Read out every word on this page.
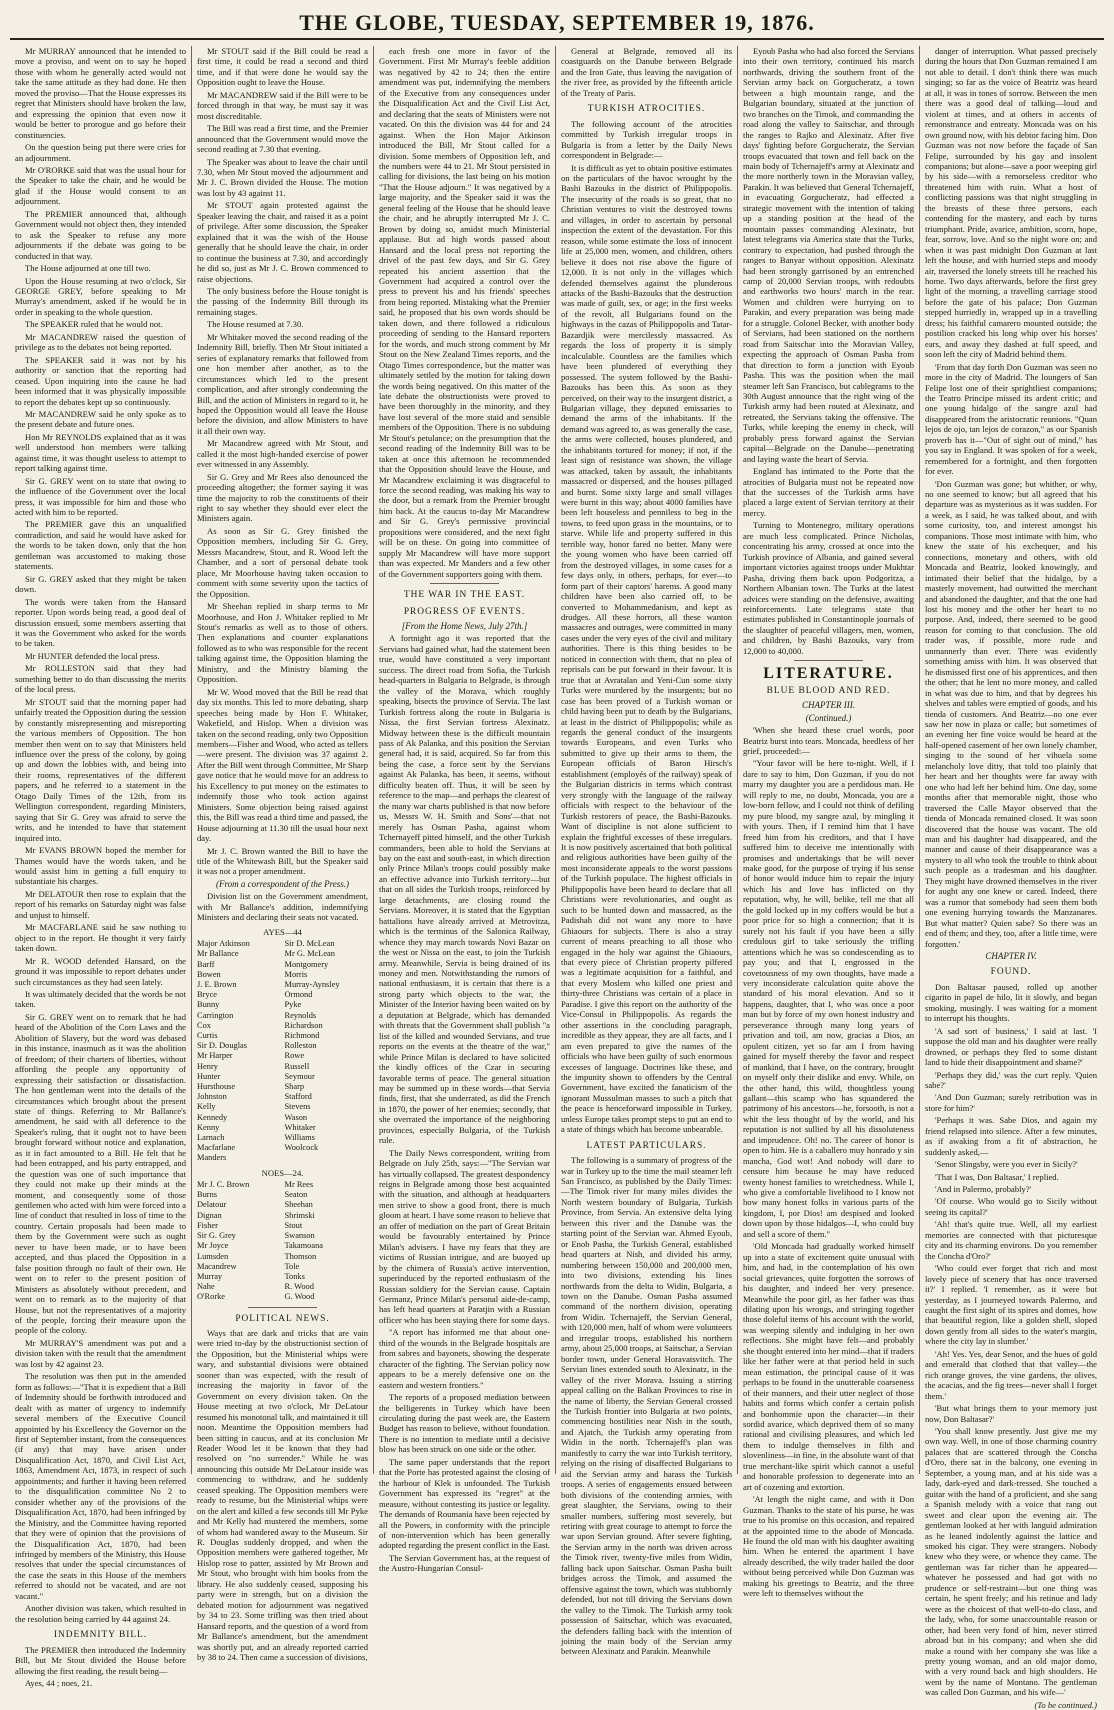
THE GLOBE, TUESDAY, SEPTEMBER 19, 1876.

Mr MURRAY announced that he intended to move a proviso, and went on to say he hoped those with whom he generally acted would not take the same attitude as they had done. He then moved the proviso—That the House expresses its regret that Ministers should have broken the law, and expressing the opinion that even now it would be better to prorogue and go before their constituencies.

On the question being put there were cries for an adjournment.

Mr O'RORKE said that was the usual hour for the Speaker to take the chair, and he would be glad if the House would consent to an adjournment.

The PREMIER announced that, although Government would not object then, they intended to ask the Speaker to refuse any more adjournments if the debate was going to be conducted in that way.

The House adjourned at one till two.

Upon the House resuming at two o'clock, Sir GEORGE GREY, before speaking to Mr Murray's amendment, asked if he would be in order in speaking to the whole question.

The SPEAKER ruled that he would not.

Mr MACANDREW raised the question of privilege as to the debates not being reported.

The SPEAKER said it was not by his authority or sanction that the reporting had ceased. Upon inquiring into the cause he had been informed that it was physically impossible to report the debates kept up so continuously.

Mr MACANDREW said he only spoke as to the present debate and future ones.

Hon Mr REYNOLDS explained that as it was well understood hon members were talking against time, it was thought useless to attempt to report talking against time.

Sir G. GREY went on to state that owing to the influence of the Government over the local press, it was impossible for him and those who acted with him to be reported.

The PREMIER gave this an unqualified contradiction, and said he would have asked for the words to be taken down, only that the hon gentleman was accustomed to making those statements.

Sir G. GREY asked that they might be taken down.

The words were taken from the Hansard reporter. Upon words being read, a good deal of discussion ensued, some members asserting that it was the Government who asked for the words to be taken.

Mr HUNTER defended the local press.

Mr ROLLESTON said that they had something better to do than discussing the merits of the local press.

Mr STOUT said that the morning paper had unfairly treated the Opposition during the session by constantly misrepresenting and misreporting the various members of Opposition. The hon member then went on to say that Ministers held influence over the press of the colony, by going up and down the lobbies with, and being into their rooms, representatives of the different papers, and he referred to a statement in the Otago Daily Times of the 12th, from its Wellington correspondent, regarding Ministers, saying that Sir G. Grey was afraid to serve the writs, and he intended to have that statement inquired into.

Mr EVANS BROWN hoped the member for Thames would have the words taken, and he would assist him in getting a full enquiry to substantiate his charges.

Mr DELATOUR then rose to explain that the report of his remarks on Saturday night was false and unjust to himself.

Mr MACFARLANE said he saw nothing to object to in the report. He thought it very fairly taken down.

Mr R. WOOD defended Hansard, on the ground it was impossible to report debates under such circumstances as they had seen lately.

It was ultimately decided that the words be not taken.

Sir G. GREY went on to remark that he had heard of the Abolition of the Corn Laws and the Abolition of Slavery, but the word was debased in this instance, inasmuch as it was the abolition of freedom; of their charters of liberties, without affording the people any opportunity of expressing their satisfaction or dissatisfaction. The hon gentleman went into the details of the circumstances which brought about the present state of things. Referring to Mr Ballance's amendment, he said with all deference to the Speaker's ruling, that it ought not to have been brought forward without notice and explanation, as it in fact amounted to a Bill. He felt that he had been entrapped, and his party entrapped, and the question was one of such importance that they could not make up their minds at the moment, and consequently some of those gentlemen who acted with him were forced into a line of conduct that resulted in loss of time to the country. Certain proposals had been made to them by the Government were such as ought never to have been made, or to have been accepted, and thus placed the Opposition in a false position through no fault of their own. He went on to refer to the present position of Ministers as absolutely without precedent, and went on to remark as to the majority of that House, but not the representatives of a majority of the people, forcing their measure upon the people of the colony.

Mr MURRAY'S amendment was put and a division taken with the result that the amendment was lost by 42 against 23.

The resolution was then put in the amended form as follows:—"That it is expedient that a Bill of Indemnity should be forthwith introduced and dealt with as matter of urgency to indemnify several members of the Executive Council appointed by his Excellency the Governor on the first of September instant, from the consequences (if any) that may have arisen under Disqualification Act, 1870, and Civil List Act, 1863, Amendment Act, 1873, in respect of such appointments; and further it having been referred to the disqualification committee No 2 to consider whether any of the provisions of the Disqualification Act, 1870, had been infringed by the Ministry, and the Committee having reported that they were of opinion that the provisions of the Disqualification Act, 1870, had been infringed by members of the Ministry, this House resolves that under the special circumstances of the case the seats in this House of the members referred to should not be vacated, and are not vacant."

Another division was taken, which resulted in the resolution being carried by 44 against 24.

INDEMNITY BILL.

The PREMIER then introduced the Indemnity Bill, but Mr Stout divided the House before allowing the first reading, the result being—

Ayes, 44 ; noes, 21.

Mr STOUT said if the Bill could be read a first time, it could be read a second and third time, and if that were done he would say the Opposition ought to leave the House.

Mr MACANDREW said if the Bill were to be forced through in that way, he must say it was most discreditable.

The Bill was read a first time, and the Premier announced that the Government would move the second reading at 7.30 that evening.

The Speaker was about to leave the chair until 7.30, when Mr Stout moved the adjournment and Mr J. C. Brown divided the House. The motion was lost by 43 against 11.

Mr STOUT again protested against the Speaker leaving the chair, and raised it as a point of privilege. After some discussion, the Speaker explained that it was the wish of the House generally that he should leave the chair, in order to continue the business at 7.30, and accordingly he did so, just as Mr J. C. Brown commenced to raise objections.

The only business before the House tonight is the passing of the Indemnity Bill through its remaining stages.

The House resumed at 7.30.

Mr Whitaker moved the second reading of the Indemnity Bill, briefly. Then Mr Stout initiated a series of explanatory remarks that followed from one hon member after another, as to the circumstances which led to the present complication, and after strongly condemning the Bill, and the action of Ministers in regard to it, he hoped the Opposition would all leave the House before the division, and allow Ministers to have it all their own way.

Mr Macandrew agreed with Mr Stout, and called it the most high-handed exercise of power ever witnessed in any Assembly.

Sir G. Grey and Mr Rees also denounced the proceeding altogether; the former saying it was time the majority to rob the constituents of their right to say whether they should ever elect the Ministers again.

As soon as Sir G. Grey finished the Opposition members, including Sir G. Grey, Messrs Macandrew, Stout, and R. Wood left the Chamber, and a sort of personal debate took place, Mr Moorhouse having taken occasion to comment with some severity upon the tactics of the Opposition.

Mr Sheehan replied in sharp terms to Mr Moorhouse, and Hon J. Whitaker replied to Mr Stout's remarks as well as to those of others. Then explanations and counter explanations followed as to who was responsible for the recent talking against time, the Opposition blaming the Ministry, and the Ministry blaming the Opposition.

Mr W. Wood moved that the Bill be read that day six months. This led to more debating, sharp speeches being made by Hon F. Whitaker, Wakefield, and Hislop. When a division was taken on the second reading, only two Opposition members—Fisher and Wood, who acted as tellers—were present. The division was 37 against 2. After the Bill went through Committee, Mr Sharp gave notice that he would move for an address to his Excellency to put money on the estimates to indemnify those who took action against Ministers. Some objection being raised against this, the Bill was read a third time and passed, the House adjourning at 11.30 till the usual hour next day.

Mr J. C. Brown wanted the Bill to have the title of the Whitewash Bill, but the Speaker said it was not a proper amendment.

(From a correspondent of the Press.)

Division list on the Government amendment, with Mr Ballance's addition, indemnifying Ministers and declaring their seats not vacated.

AYES—44
Major Atkinson	Sir D. McLean
Mr Ballance	Mr G. McLean
Barff	Montgomery
Bowen	Morris
J. E. Brown	Murray-Aynsley
Bryce	Ormond
Bunny	Pyke
Carrington	Reynolds
Cox	Richardson
Curtis	Richmond
Sir D. Douglas	Rolleston
Mr Harper	Rowe
Henry	Russell
Hunter	Seymour
Hursthouse	Sharp
Johnston	Stafford
Kelly	Stevens
Kennedy	Wason
Kenny	Whitaker
Larnach	Williams
Macfarlane	Woolcock
Manders
NOES—24.
Mr J. C. Brown	Mr Rees
Burns	Seaton
Delatour	Sheehan
Dignan	Shrimski
Fisher	Stout
Sir G. Grey	Swanson
Mr Joyce	Takamoana
Lumsden	Thomson
Macandrew	Tole
Murray	Tonks
Nahe	R. Wood
O'Rorke	G. Wood
POLITICAL NEWS.

Ways that are dark and tricks that are vain were tried to-day by the obstructionist section of the Opposition, but the Ministerial whips were wary, and substantial divisions were obtained sooner than was expected, with the result of increasing the majority in favor of the Government on every division taken. On the House meeting at two o'clock, Mr DeLatour resumed his monotonal talk, and maintained it till noon. Meantime the Opposition members had been sitting in caucus, and at its conclusion Mr Reader Wood let it be known that they had resolved on "no surrender." While he was announcing this outside Mr DeLatour inside was commencing to withdraw, and he suddenly ceased speaking. The Opposition members were ready to resume, but the Ministerial whips were on the alert and killed a few seconds till Mr Pyke and Mr Kelly had mustered the members, some of whom had wandered away to the Museum. Sir R. Douglas suddenly dropped, and when the Opposition members were gathered together, Mr Hislop rose to patter, assisted by Mr Brown and Mr Stout, who brought with him books from the library. He also suddenly ceased, supposing his party were in strength, but on a division the debated motion for adjournment was negatived by 34 to 23. Some trifling was then tried about Hansard reports, and the question of a word from Mr Ballance's amendment, but the amendment was shortly put, and an already reported carried by 38 to 24. Then came a succession of divisions,

each fresh one more in favor of the Government. First Mr Murray's feeble addition was negatived by 42 to 24; then the entire amendment was put, indemnifying the members of the Executive from any consequences under the Disqualification Act and the Civil List Act, and declaring that the seats of Ministers were not vacated. On this the division was 44 for and 24 against. When the Hon Major Atkinson introduced the Bill, Mr Stout called for a division. Some members of Opposition left, and the numbers were 44 to 21. Mr Stout persisted in calling for divisions, the last being on his motion "That the House adjourn." It was negatived by a large majority, and the Speaker said it was the general feeling of the House that he should leave the chair, and he abruptly interrupted Mr J. C. Brown by doing so, amidst much Ministerial applause. But ad high words passed about Hansard and the local press not reporting the drivel of the past few days, and Sir G. Grey repeated his ancient assertion that the Government had acquired a control over the press to prevent his and his friends' speeches from being reported. Mistaking what the Premier said, he proposed that his own words should be taken down, and there followed a ridiculous proceeding of sending to the Hansard reporters for the words, and much strong comment by Mr Stout on the New Zealand Times reports, and the Otago Times correspondence, but the matter was ultimately settled by the motion for taking down the words being negatived. On this matter of the late debate the obstructionists were proved to have been thoroughly in the minority, and they have lost several of the more staid and sensible members of the Opposition. There is no subduing Mr Stout's petulance; on the presumption that the second reading of the Indemnity Bill was to be taken at once this afternoon he recommended that the Opposition should leave the House, and Mr Macandrew exclaiming it was disgraceful to force the second reading, was making his way to the door, but a remark from the Premier brought him back. At the caucus to-day Mr Macandrew and Sir G. Grey's permissive provincial propositions were considered, and the next fight will be on these. On going into committee of supply Mr Macandrew will have more support than was expected. Mr Manders and a few other of the Government supporters going with them.

THE WAR IN THE EAST.
PROGRESS OF EVENTS.
[From the Home News, July 27th.]

A fortnight ago it was reported that the Servians had gained what, had the statement been true, would have constituted a very important success. The direct road from Sofia, the Turkish head-quarters in Bulgaria to Belgrade, is through the valley of the Morava, which roughly speaking, bisects the province of Servia. The last Turkish fortress along the route in Bulgaria is Nissa, the first Servian fortress Alexinatz. Midway between these is the difficult mountain pass of Ak Palanka, and this position the Servian general had, it is said, acquired. So far from this being the case, a force sent by the Servians against Ak Palanka, has been, it seems, without difficulty beaten off. Thus, it will be seen by reference to the map—and perhaps the clearest of the many war charts published is that now before us, Messrs W. H. Smith and Sons'—that not merely has Osman Pasha, against whom Tchernayeff pitted himself, and the other Turkish commanders, been able to hold the Servians at bay on the east and south-east, in which direction only Prince Milan's troops could possibly make an effective advance into Turkish territory—but that on all sides the Turkish troops, reinforced by large detachments, are closing round the Servians. Moreover, it is stated that the Egyptian battalions have already arrived at Metrovitza, which is the terminus of the Salonica Railway, whence they may march towards Novi Bazar on the west or Nissa on the east, to join the Turkish army. Meanwhile, Servia is being drained of its money and men. Notwithstanding the rumors of national enthusiasm, it is certain that there is a strong party which objects to the war, the Minister of the Interior having been waited on by a deputation at Belgrade, which has demanded with threats that the Government shall publish "a list of the killed and wounded Servians, and true reports on the events at the theatre of the war," while Prince Milan is declared to have solicited the kindly offices of the Czar in securing favorable terms of peace. The general situation may be summed up in these words—that Servia finds, first, that she underrated, as did the French in 1870, the power of her enemies; secondly, that she overrated the importance of the neighboring provinces, especially Bulgaria, of the Turkish rule.

The Daily News correspondent, writing from Belgrade on July 25th, says:—"The Servian war has virtually collapsed. The greatest despondency reigns in Belgrade among those best acquainted with the situation, and although at headquarters men strive to show a good front, there is much gloom at heart. I have some reason to believe that an offer of mediation on the part of Great Britain would be favourably entertained by Prince Milan's advisers. I have my fears that they are victims of Russian intrigue, and are buoyed up by the chimera of Russia's active intervention, superinduced by the reported enthusiasm of the Russian soldiery for the Servian cause. Captain Germanz, Prince Milan's personal aide-de-camp, has left head quarters at Paratjin with a Russian officer who has been staying there for some days.

"A report has informed me that about one-third of the wounds in the Belgrade hospitals are from sabres and bayonets, showing the desperate character of the fighting. The Servian policy now appears to be a merely defensive one on the eastern and western frontiers."

The reports of a proposed mediation between the belligerents in Turkey which have been circulating during the past week are, the Eastern Budget has reason to believe, without foundation. There is no intention to mediate until a decisive blow has been struck on one side or the other.

The same paper understands that the report that the Porte has protested against the closing of the harbour of Klek is unfounded. The Turkish Government has expressed its "regret" at the measure, without contesting its justice or legality. The demands of Roumania have been rejected by all the Powers, in conformity with the principle of non-intervention which has been generally adopted regarding the present conflict in the East.

The Servian Government has, at the request of the Austro-Hungarian Consul-

General at Belgrade, removed all its coastguards on the Danube between Belgrade and the Iron Gate, thus leaving the navigation of the river free, as provided by the fifteenth article of the Treaty of Paris.

TURKISH ATROCITIES.

The following account of the atrocities committed by Turkish irregular troops in Bulgaria is from a letter by the Daily News correspondent in Belgrade:—

It is difficult as yet to obtain positive estimates on the particulars of the havoc wrought by the Bashi Bazouks in the district of Philippopolis. The insecurity of the roads is so great, that no Christian ventures to visit the destroyed towns and villages, in order to ascertain by personal inspection the extent of the devastation. For this reason, while some estimate the loss of innocent life at 25,000 men, women, and children, others believe it does not rise above the figure of 12,000. It is not only in the villages which defended themselves against the plunderous attacks of the Bashi-Bazouks that the destruction was made of guilt, sex, or age; in the first weeks of the revolt, all Bulgarians found on the highways in the cazas of Philippopolis and Tatar-Bazardjik were mercilessly massacred. As regards the loss of property it is simply incalculable. Countless are the families which have been plundered of everything they possessed. The system followed by the Bashi-Bazouks has been this. As soon as they perceived, on their way to the insurgent district, a Bulgarian village, they deputed emissaries to demand the arms of the inhabitants. If the demand was agreed to, as was generally the case, the arms were collected, houses plundered, and the inhabitants tortured for money; if not, if the least sign of resistance was shown, the village was attacked, taken by assault, the inhabitants massacred or dispersed, and the houses pillaged and burnt. Some sixty large and small villages were burnt in this way; about 4000 families have been left houseless and penniless to beg in the towns, to feed upon grass in the mountains, or to starve. While life and property suffered in this terrible way, honor fared no better. Many were the young women who have been carried off from the destroyed villages, in some cases for a few days only, in others, perhaps, for ever—to form part of their captors' harems. A good many children have been also carried off, to be converted to Mohammedanism, and kept as drudges. All these horrors, all these wanton massacres and outrages, were committed in many cases under the very eyes of the civil and military authorities. There is this thing besides to be noticed in connection with them, that no plea of reprisals can be put forward in their favour. It is true that at Avratalan and Yeni-Cun some sixty Turks were murdered by the insurgents; but no case has been proved of a Turkish woman or child having been put to death by the Bulgarians, at least in the district of Philippopolis; while as regards the general conduct of the insurgents towards Europeans, and even Turks who submitted to give up their arms to them, the European officials of Baron Hirsch's establishment (employés of the railway) speak of the Bulgarian districts in terms which contrast very strongly with the language of the railway officials with respect to the behaviour of the Turkish restorers of peace, the Bashi-Bazouks. Want of discipline is not alone sufficient to explain the frightful excesses of these irregulars. It is now positively ascertained that both political and religious authorities have been guilty of the most inconsiderate appeals to the worst passions of the Turkish populace. The highest officials in Philippopolis have been heard to declare that all Christians were revolutionaries, and ought as such to be hunted down and massacred, as the Padishah did not want any more to have Ghiaours for subjects. There is also a stray current of means preaching to all those who engaged in the holy war against the Ghiaours, that every piece of Christian property pilfered was a legitimate acquisition for a faithful, and that every Moslem who killed one priest and thirty-three Christians was certain of a place in Paradise. I give this report on the authority of the Vice-Consul in Philippopolis. As regards the other assertions in the concluding paragraph, incredible as they appear, they are all facts, and I am even prepared to give the names of the officials who have been guilty of such enormous excesses of language. Doctrines like these, and the impunity shown to offenders by the Central Government, have excited the fanaticism of the ignorant Mussulman masses to such a pitch that the peace is henceforward impossible in Turkey, unless Europe takes prompt steps to put an end to a state of things which has become unbearable.

LATEST PARTICULARS.

The following is a summary of progress of the war in Turkey up to the time the mail steamer left San Francisco, as published by the Daily Times:—The Timok river for many miles divides the North western boundary of Bulgaria, Turkish Province, from Servia. An extensive delta lying between this river and the Danube was the starting point of the Servian war. Ahmed Eyoub, or Enob Pasha, the Turkish General, established head quarters at Nish, and divided his army, numbering between 150,000 and 200,000 men, into two divisions, extending his lines northwards from the delta to Widin, Bulgaria, a town on the Danube. Osman Pasha assumed command of the northern division, operating from Widin. Tchernajeff, the Servian General, with 120,000 men, half of whom were volunteers and irregular troops, established his northern army, about 25,000 troops, at Saitschar, a Servian border town, under General Horavatsvitch. The Servian lines extended south to Alexinatz, in the valley of the river Morava. Issuing a stirring appeal calling on the Balkan Provinces to rise in the name of liberty, the Servian General crossed the Turkish frontier into Bulgaria at two points, commencing hostilities near Nish in the south, and Ajatch, the Turkish army operating from Widin in the north. Tchernajeff's plan was manifestly to carry the war into Turkish territory, relying on the rising of disaffected Bulgarians to aid the Servian army and harass the Turkish troops. A series of engagements ensued between both divisions of the contending armies, with great slaughter, the Servians, owing to their smaller numbers, suffering most severely, but retiring with great courage to attempt to force the war upon Servian ground. After severe fighting, the Servian army in the north was driven across the Timok river, twenty-five miles from Widin, falling back upon Saitschar. Osman Pasha built bridges across the Timok, and assumed the offensive against the town, which was stubbornly defended, but not till driving the Servians down the valley to the Timok. The Turkish army took possession of Saitschar, which was evacuated, the defenders falling back with the intention of joining the main body of the Servian army between Alexinatz and Parakin. Meanwhile

Eyoub Pasha who had also forced the Servians into their own territory, continued his march northwards, driving the southern front of the Servian army back on Gorgucheratz, a town between a high mountain range, and the Bulgarian boundary, situated at the junction of two branches on the Timok, and commanding the road along the valley to Saitschar, and through the ranges to Rajko and Alexinatz. After five days' fighting before Gorgucheratz, the Servian troops evacuated that town and fell back on the main body of Tchernajeff's army at Alexinatz and the more northerly town in the Moravian valley, Parakin. It was believed that General Tchernajeff, in evacuating Gorgucheratz, had effected a strategic movement with the intention of taking up a standing position at the head of the mountain passes commanding Alexinatz, but latest telegrams via America state that the Turks, contrary to expectation, had pushed through the ranges to Banyar without opposition. Alexinatz had been strongly garrisoned by an entrenched camp of 20,000 Servian troops, with redoubts and earthworks two hours' march in the rear. Women and children were hurrying on to Parakin, and every preparation was being made for a struggle. Colonel Becker, with another body of Servians, had been stationed on the northern road from Saitschar into the Moravian Valley, expecting the approach of Osman Pasha from that direction to form a junction with Eyoub Pasha. This was the position when the mail steamer left San Francisco, but cablegrams to the 30th August announce that the right wing of the Turkish army had been routed at Alexinatz, and retreated, the Servians taking the offensive. The Turks, while keeping the enemy in check, will probably press forward against the Servian capital—Belgrade on the Danube—penetrating and laying waste the heart of Servia.

England has intimated to the Porte that the atrocities of Bulgaria must not be repeated now that the successes of the Turkish arms have placed a large extent of Servian territory at their mercy.

Turning to Montenegro, military operations are much less complicated. Prince Nicholas, concentrating his army, crossed at once into the Turkish province of Albania, and gained several important victories against troops under Mukhtar Pasha, driving them back upon Podgoritza, a Northern Albanian town. The Turks at the latest advices were standing on the defensive, awaiting reinforcements. Late telegrams state that estimates published in Constantinople journals of the slaughter of peaceful villagers, men, women, and children, by Bashi Bazouks, vary from 12,000 to 40,000.

LITERATURE.
BLUE BLOOD AND RED.
CHAPTER III.
(Continued.)

'When she heard these cruel words, poor Beatriz burst into tears. Moncada, heedless of her grief, proceeded:—

"Your favor will be here to-night. Well, if I dare to say to him, Don Guzman, if you do not marry my daughter you are a perdidous man. He will reply to me, no doubt, Moncada, you are a low-born fellow, and I could not think of defiling my pure blood, my sangre azul, by mingling it with yours. Then, if I remind him that I have freed him from his creditors, and that I have suffered him to deceive me intentionally with promises and undertakings that he will never make good, for the purpose of trying if his sense of honor would induce him to repair the injury which his and love has inflicted on thy reputation, why, he will, belike, tell me that all the gold locked up in my coffers would be but a poor price for so high a connection; that it is surely not his fault if you have been a silly credulous girl to take seriously the trifling attentions which he was so condescending as to pay you; and that I, engrossed in the covetousness of my own thoughts, have made a very inconsiderate calculation quite above the standard of his moral elevation. And so it happens, daughter, that I, who was once a poor man but by force of my own honest industry and perseverance through many long years of privation and toil, am now, gracias a Dios, an opulent citizen, yet so far am I from having gained for myself thereby the favor and respect of mankind, that I have, on the contrary, brought on myself only their dislike and envy. While, on the other hand, this wild, thoughtless young gallant—this scamp who has squandered the patrimony of his ancestors—he, forsooth, is not a whit the less thought of by the world, and his reputation is not sullied by all his dissoluteness and imprudence. Oh! no. The career of honor is open to him. He is a caballero muy honrado y sin mancha, God wot! And nobody will dare to censure him because he may have reduced twenty honest families to wretchedness. While I, who give a comfortable livelihood to I know not how many honest folks in various parts of the kingdom, I, por Dios! am despised and looked down upon by those hidalgos—I, who could buy and sell a score of them."

'Old Moncada had gradually worked himself up into a state of excitement quite unusual with him, and had, in the contemplation of his own social grievances, quite forgotten the sorrows of his daughter, and indeed her very presence. Meanwhile the poor girl, as her father was thus dilating upon his wrongs, and stringing together those doleful items of his account with the world, was weeping silently and indulging in her own reflections. She might have felt—and probably she thought entered into her mind—that if traders like her father were at that period held in such mean estimation, the principal cause of it was perhaps to be found in the unutterable coarseness of their manners, and their utter neglect of those habits and forms which confer a certain polish and bonhommie upon the character—in their sordid avarice, which deprived them of so many rational and civilising pleasures, and which led them to indulge themselves in filth and slovenliness—in fine, in the absolute want of that true merchant-like spirit which cannot a useful and honorable profession to degenerate into an art of cozening and extortion.

'At length the night came, and with it Don Guzman. Thanks to the state of his purse, he was true to his promise on this occasion, and repaired at the appointed time to the abode of Moncada. He found the old man with his daughter awaiting him. When he entered the apartment I have already described, the wily trader hailed the door without being perceived while Don Guzman was making his greetings to Beatriz, and the three were left to themselves without the

danger of interruption. What passed precisely during the hours that Don Guzman remained I am not able to detail. I don't think there was much singing; so far as the voice of Beatriz was heard at all, it was in tones of sorrow. Between the men there was a good deal of talking—loud and violent at times, and at others in accents of remonstrance and entreaty. Moncada was on his own ground now, with his debtor facing him. Don Guzman was not now before the façade of San Felipe, surrounded by his gay and insolent companions; but alone—save a poor weeping girl by his side—with a remorseless creditor who threatened him with ruin. What a host of conflicting passions was that night struggling in the breasts of these three persons, each contending for the mastery, and each by turns triumphant. Pride, avarice, ambition, scorn, hope, fear, sorrow, love. And so the night wore on; and when it was past midnight Don Guzman at last left the house, and with hurried steps and moody air, traversed the lonely streets till he reached his home. Two days afterwards, before the first grey light of the morning, a travelling carriage stood before the gate of his palace; Don Guzman stepped hurriedly in, wrapped up in a travelling dress; his faithful camarero mounted outside; the postilion cracked his long whip over his horses' ears, and away they dashed at full speed, and soon left the city of Madrid behind them.

'From that day forth Don Guzman was seen no more in the city of Madrid. The loungers of San Felipe lost one of their sprightliest companions; the Teatro Principe missed its ardent critic; and one young hidalgo of the sangre azul had disappeared from the aristocratic reunions. "Quan lejos de ojo, tan lejos de corazon," as our Spanish proverb has it—"Out of sight out of mind," has you say in England. It was spoken of for a week, remembered for a fortnight, and then forgotten for ever.

'Don Guzman was gone; but whither, or why, no one seemed to know; but all agreed that his departure was as mysterious as it was sudden. For a week, as I said, he was talked about, and with some curiosity, too, and interest amongst his companions. Those most intimate with him, who knew the state of his exchequer, and his connections, monetary and others, with old Moncada and Beatriz, looked knowingly, and intimated their belief that the hidalgo, by a masterly movement, had outwitted the merchant and abandoned the daughter, and that the one had lost his money and the other her heart to no purpose. And, indeed, there seemed to be good reason for coming to that conclusion. The old trader was, if possible, more rude and unmannerly than ever. There was evidently something amiss with him. It was observed that he dismissed first one of his apprentices, and then the other; that he lent no more money, and called in what was due to him, and that by degrees his shelves and tables were emptied of goods, and his tienda of customers. And Beatriz—no one ever saw her now in plaza or calle; but sometimes of an evening her fine voice would be heard at the half-opened casement of her own lonely chamber, singing to the sound of her vihuela some melancholy love ditty, that told too plainly that her heart and her thoughts were far away with one who had left her behind him. One day, some months after that memorable night, those who traversed the Calle Mayor observed that the tienda of Moncada remained closed. It was soon discovered that the house was vacant. The old man and his daughter had disappeared, and the manner and cause of their disappearance was a mystery to all who took the trouble to think about such people as a tradesman and his daughter. They might have drowned themselves in the river for aught any one knew or cared. Indeed, there was a rumor that somebody had seen them both one evening hurrying towards the Manzanares. But what matter? Quien sabe? So there was an end of them; and they, too, after a little time, were forgotten.'

CHAPTER IV.
FOUND.

Don Baltasar paused, rolled up another cigarito in papel de hilo, lit it slowly, and began smoking, musingly. I was waiting for a moment to interrupt his thoughts.

'A sad sort of business,' I said at last. 'I suppose the old man and his daughter were really drowned, or perhaps they fled to some distant land to hide their disappointment and shame?'

'Perhaps they did,' was the curt reply. 'Quien sabe?'

'And Don Guzman; surely retribution was in store for him?'

'Perhaps it was. Sabe Dios, and again my friend relapsed into silence. After a few minutes, as if awaking from a fit of abstraction, he suddenly asked,—

'Senor Slingsby, were you ever in Sicily?'

'That I was, Don Baltasar,' I replied.

'And in Palermo, probably?'

'Of course. Who would go to Sicily without seeing its capital?'

'Ah! that's quite true. Well, all my earliest memories are connected with that picturesque city and its charming environs. Do you remember the Concha d'Oro?'

'Who could ever forget that rich and most lovely piece of scenery that has once traversed it?' I replied. 'I remember, as it were but yesterday, as I journeyed towards Palermo, and caught the first sight of its spires and domes, how that beautiful region, like a golden shell, sloped down gently from all sides to the water's margin, where the city lay in slumber.'

'Ah! Yes. Yes, dear Senor, and the hues of gold and emerald that clothed that that valley—the rich orange groves, the vine gardens, the olives, the acacias, and the fig trees—never shall I forget them.'

'But what brings them to your memory just now, Don Baltasar?'

'You shall know presently. Just give me my own way. Well, in one of those charming country palaces that are scattered through the Concha d'Oro, there sat in the balcony, one evening in September, a young man, and at his side was a lady, dark-eyed and dark-tressed. She touched a guitar with the hand of a proficient, and she sang a Spanish melody with a voice that rang out sweet and clear upon the evening air. The gentleman looked at her with languid admiration as he leaned indolently against the lattice and smoked his cigar. They were strangers. Nobody knew who they were, or whence they came. The gentleman was far richer than he appeared—whatever he possessed and had got with no prudence or self-restraint—but one thing was certain, he spent freely; and his retinue and lady were as the choicest of that well-to-do class, and the lady, who, for some unaccountable reason or other, had been very fond of him, never stirred abroad but in his company; and when she did make a round with her company she was like a pretty young woman, and an old major domo, with a very round back and high shoulders. He went by the name of Montano. The gentleman was called Don Guzman, and his wife—'

(To be continued.)
